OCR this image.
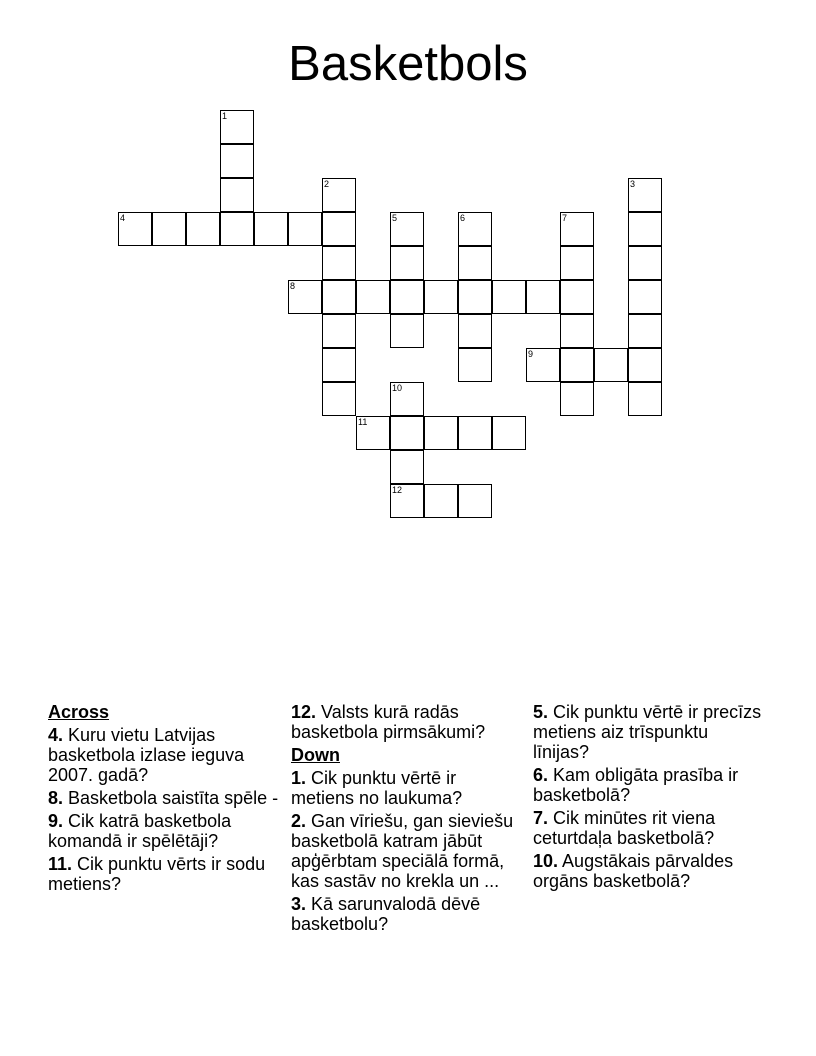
Basketbols
1
2	3
4	5	6	7
8
9
10
12
11
Across
4. Kuru vietu Latvijas basketbola izlase ieguva 2007. gadā?
8. Basketbola saistīta spēle -
9. Cik katrā basketbola komandā ir spēlētāji?
11. Cik punktu vērts ir sodu metiens?
12. Valsts kurā radās basketbola pirmsākumi?
Down
1. Cik punktu vērtē ir metiens no laukuma?
2. Gan vīriešu, gan sieviešu basketbolā katram jābūt apģērbtam speciālā formā, kas sastāv no krekla un ...
3. Kā sarunvalodā dēvē basketbolu?
5. Cik punktu vērtē ir precīzs metiens aiz trīspunktu līnijas?
6. Kam obligāta prasība ir basketbolā?
7. Cik minūtes rit viena ceturtdaļa basketbolā?
10. Augstākais pārvaldes orgāns basketbolā?
